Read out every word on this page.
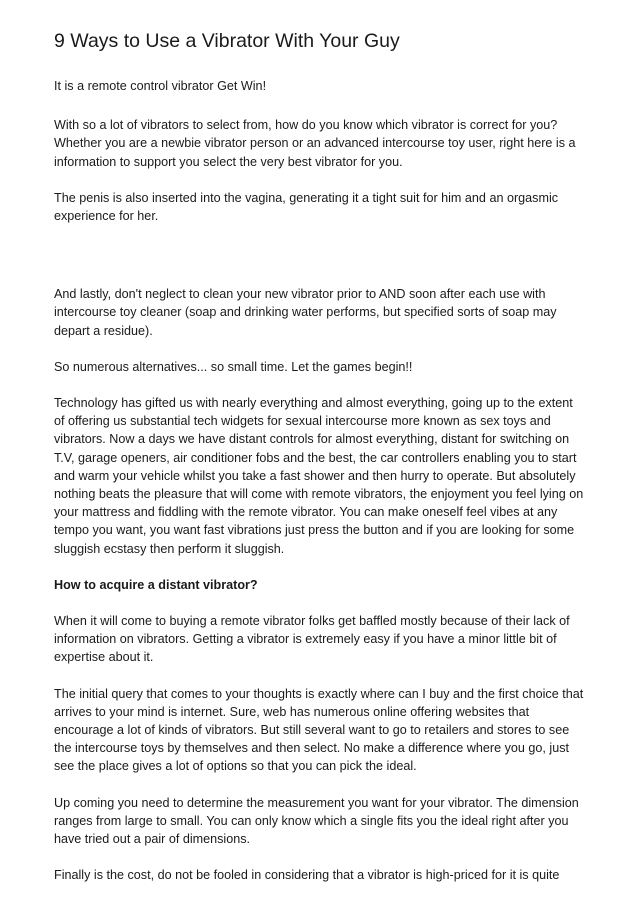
9 Ways to Use a Vibrator With Your Guy

It is a remote control vibrator Get Win!

With so a lot of vibrators to select from, how do you know which vibrator is correct for you? Whether you are a newbie vibrator person or an advanced intercourse toy user, right here is a information to support you select the very best vibrator for you.

The penis is also inserted into the vagina, generating it a tight suit for him and an orgasmic experience for her.

And lastly, don't neglect to clean your new vibrator prior to AND soon after each use with intercourse toy cleaner (soap and drinking water performs, but specified sorts of soap may depart a residue).

So numerous alternatives... so small time. Let the games begin!!

Technology has gifted us with nearly everything and almost everything, going up to the extent of offering us substantial tech widgets for sexual intercourse more known as sex toys and vibrators. Now a days we have distant controls for almost everything, distant for switching on T.V, garage openers, air conditioner fobs and the best, the car controllers enabling you to start and warm your vehicle whilst you take a fast shower and then hurry to operate. But absolutely nothing beats the pleasure that will come with remote vibrators, the enjoyment you feel lying on your mattress and fiddling with the remote vibrator. You can make oneself feel vibes at any tempo you want, you want fast vibrations just press the button and if you are looking for some sluggish ecstasy then perform it sluggish.

How to acquire a distant vibrator?

When it will come to buying a remote vibrator folks get baffled mostly because of their lack of information on vibrators. Getting a vibrator is extremely easy if you have a minor little bit of expertise about it.

The initial query that comes to your thoughts is exactly where can I buy and the first choice that arrives to your mind is internet. Sure, web has numerous online offering websites that encourage a lot of kinds of vibrators. But still several want to go to retailers and stores to see the intercourse toys by themselves and then select. No make a difference where you go, just see the place gives a lot of options so that you can pick the ideal.

Up coming you need to determine the measurement you want for your vibrator. The dimension ranges from large to small. You can only know which a single fits you the ideal right after you have tried out a pair of dimensions.

Finally is the cost, do not be fooled in considering that a vibrator is high-priced for it is quite
